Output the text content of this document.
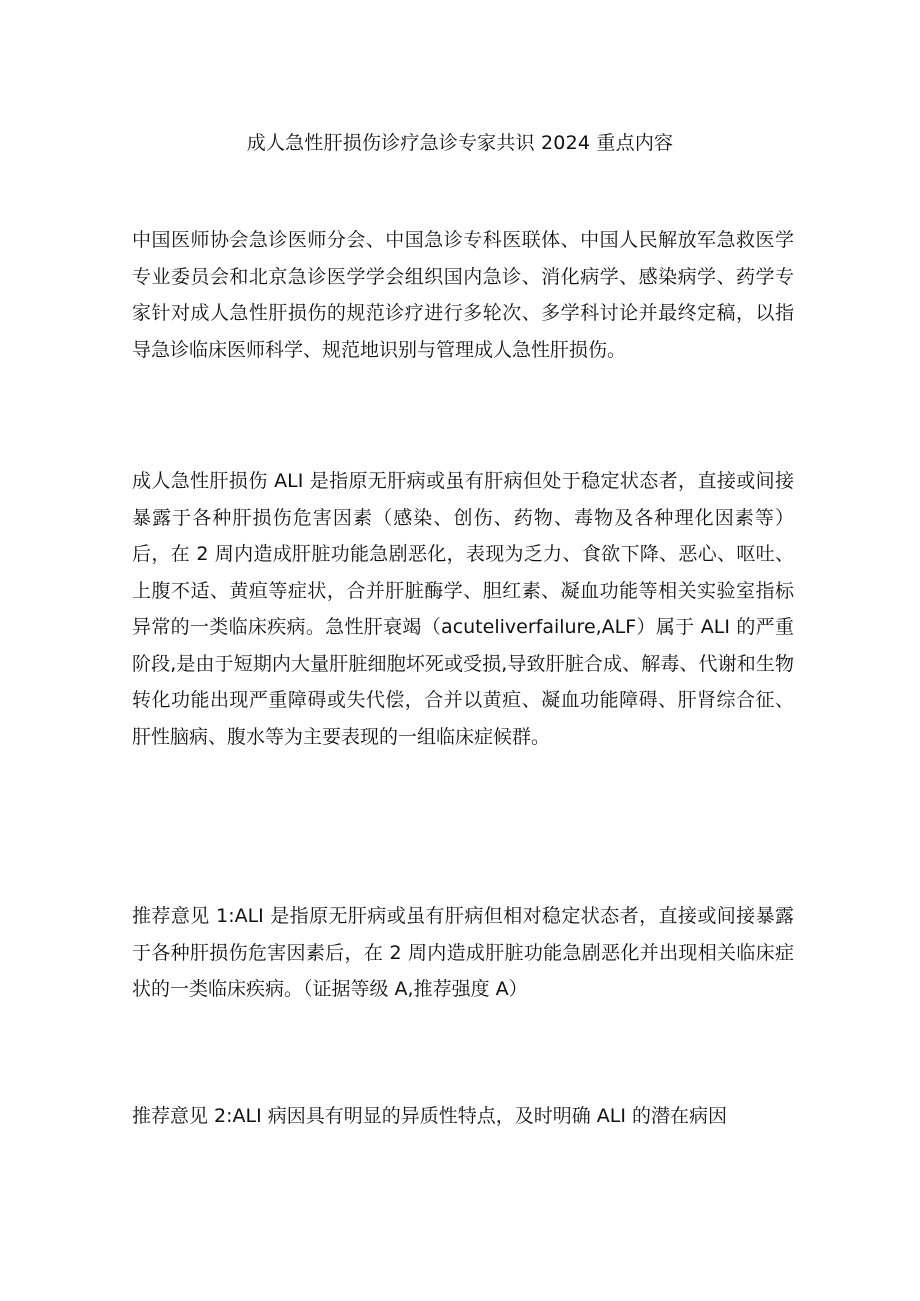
成人急性肝损伤诊疗急诊专家共识 2024 重点内容

中国医师协会急诊医师分会、中国急诊专科医联体、中国人民解放军急救医学专业委员会和北京急诊医学学会组织国内急诊、消化病学、感染病学、药学专家针对成人急性肝损伤的规范诊疗进行多轮次、多学科讨论并最终定稿，以指导急诊临床医师科学、规范地识别与管理成人急性肝损伤。

成人急性肝损伤 ALI 是指原无肝病或虽有肝病但处于稳定状态者，直接或间接暴露于各种肝损伤危害因素（感染、创伤、药物、毒物及各种理化因素等）后，在 2 周内造成肝脏功能急剧恶化，表现为乏力、食欲下降、恶心、呕吐、上腹不适、黄疸等症状，合并肝脏酶学、胆红素、凝血功能等相关实验室指标异常的一类临床疾病。急性肝衰竭（acuteliverfailure,ALF）属于 ALI 的严重阶段,是由于短期内大量肝脏细胞坏死或受损,导致肝脏合成、解毒、代谢和生物转化功能出现严重障碍或失代偿，合并以黄疸、凝血功能障碍、肝肾综合征、肝性脑病、腹水等为主要表现的一组临床症候群。

推荐意见 1:ALI 是指原无肝病或虽有肝病但相对稳定状态者，直接或间接暴露于各种肝损伤危害因素后，在 2 周内造成肝脏功能急剧恶化并出现相关临床症状的一类临床疾病。（证据等级 A,推荐强度 A）

推荐意见 2:ALI 病因具有明显的异质性特点，及时明确 ALI 的潜在病因
